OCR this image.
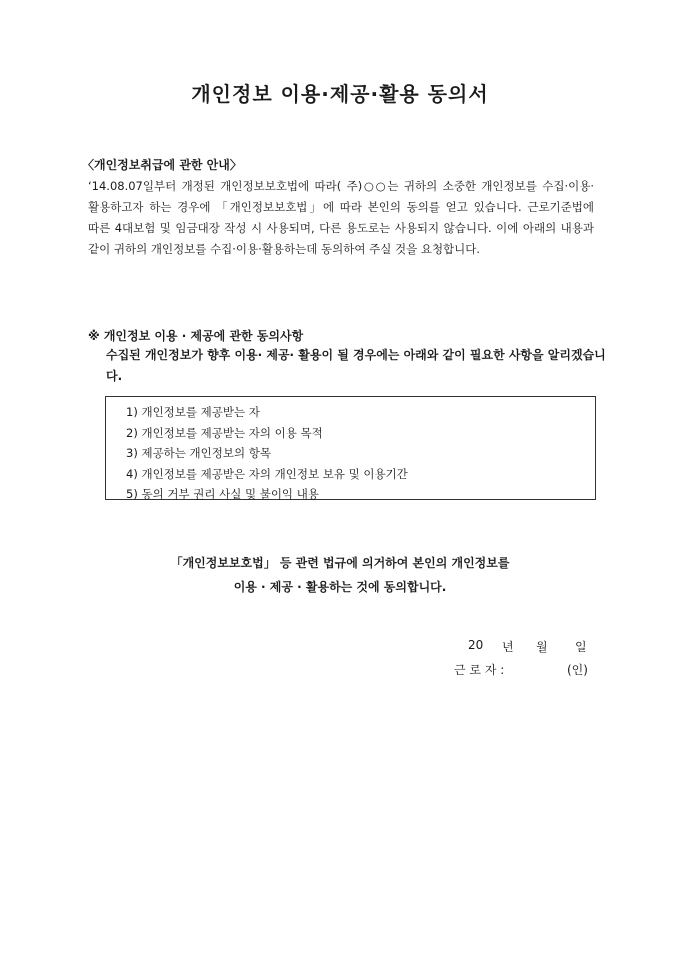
개인정보 이용·제공·활용 동의서
〈개인정보취급에 관한 안내〉
‘14.08.07일부터 개정된 개인정보보호법에 따라( 주)○○는 귀하의 소중한 개인정보를 수집·이용·활용하고자 하는 경우에 「개인정보보호법」에 따라 본인의 동의를 얻고 있습니다. 근로기준법에 따른 4대보험 및 임금대장 작성 시 사용되며, 다른 용도로는 사용되지 않습니다. 이에 아래의 내용과 같이 귀하의 개인정보를 수집·이용·활용하는데 동의하여 주실 것을 요청합니다.
※ 개인정보 이용 · 제공에 관한 동의사항
수집된 개인정보가 향후 이용· 제공· 활용이 될 경우에는 아래와 같이 필요한 사항을 알리겠습니다.
1) 개인정보를 제공받는 자
2) 개인정보를 제공받는 자의 이용 목적
3) 제공하는 개인정보의 항목
4) 개인정보를 제공받은 자의 개인정보 보유 및 이용기간
5) 동의 거부 권리 사실 및 불이익 내용
「개인정보보호법」 등 관련 법규에 의거하여 본인의 개인정보를
이용 · 제공 · 활용하는 것에 동의합니다.
20	년	월	일
근 로 자 :	(인)
